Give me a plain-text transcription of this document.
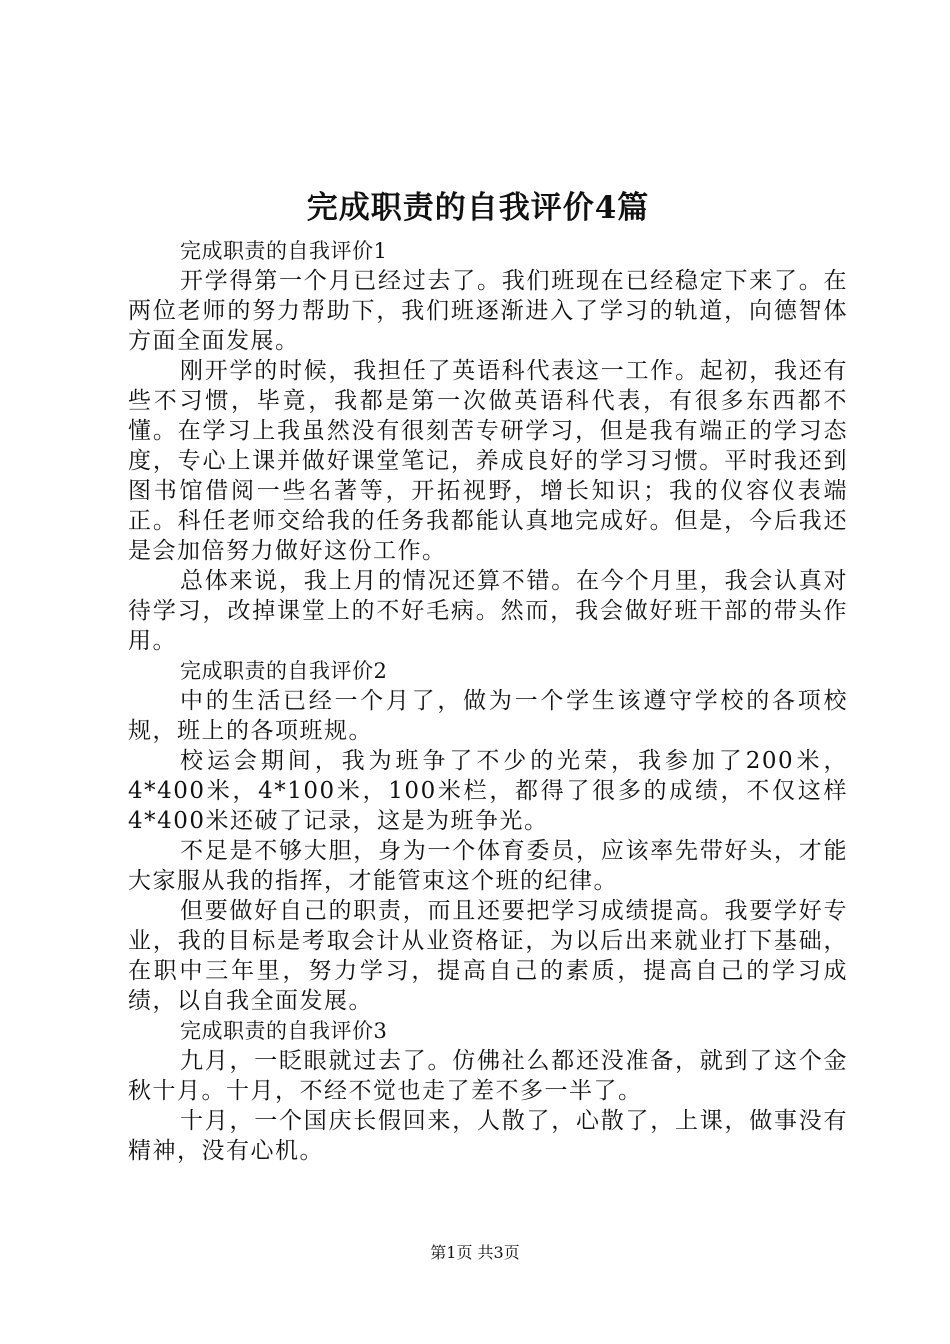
完成职责的自我评价4篇

完成职责的自我评价1

开学得第一个月已经过去了。我们班现在已经稳定下来了。在两位老师的努力帮助下，我们班逐渐进入了学习的轨道，向德智体方面全面发展。

刚开学的时候，我担任了英语科代表这一工作。起初，我还有些不习惯，毕竟，我都是第一次做英语科代表，有很多东西都不懂。在学习上我虽然没有很刻苦专研学习，但是我有端正的学习态度，专心上课并做好课堂笔记，养成良好的学习习惯。平时我还到图书馆借阅一些名著等，开拓视野，增长知识；我的仪容仪表端正。科任老师交给我的任务我都能认真地完成好。但是，今后我还是会加倍努力做好这份工作。

总体来说，我上月的情况还算不错。在今个月里，我会认真对待学习，改掉课堂上的不好毛病。然而，我会做好班干部的带头作用。

完成职责的自我评价2

中的生活已经一个月了，做为一个学生该遵守学校的各项校规，班上的各项班规。

校运会期间，我为班争了不少的光荣，我参加了200米，4*400米，4*100米，100米栏，都得了很多的成绩，不仅这样4*400米还破了记录，这是为班争光。

不足是不够大胆，身为一个体育委员，应该率先带好头，才能大家服从我的指挥，才能管束这个班的纪律。

但要做好自己的职责，而且还要把学习成绩提高。我要学好专业，我的目标是考取会计从业资格证，为以后出来就业打下基础，在职中三年里，努力学习，提高自己的素质，提高自己的学习成绩，以自我全面发展。

完成职责的自我评价3

九月，一眨眼就过去了。仿佛社么都还没准备，就到了这个金秋十月。十月，不经不觉也走了差不多一半了。

十月，一个国庆长假回来，人散了，心散了，上课，做事没有精神，没有心机。

第1页 共3页
